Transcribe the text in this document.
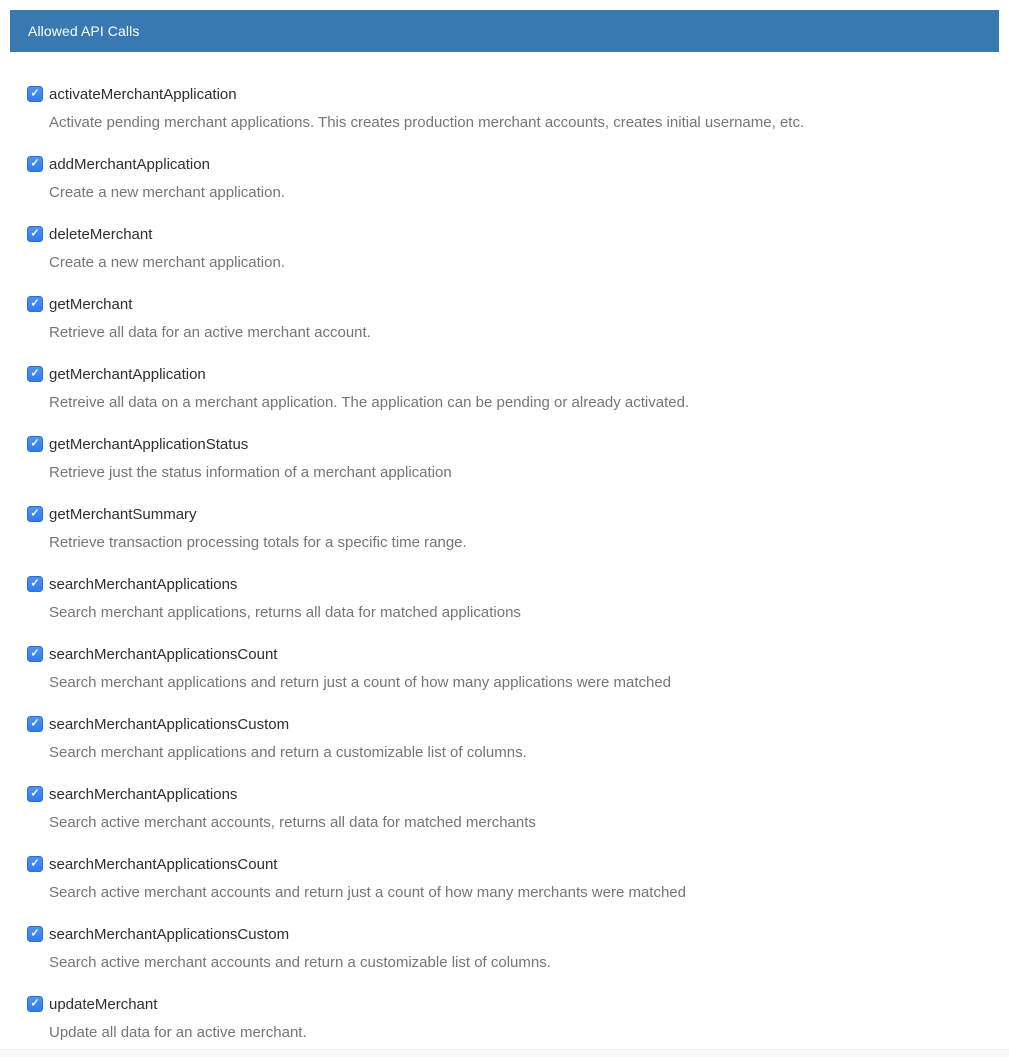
Allowed API Calls
✓ activateMerchantApplication
Activate pending merchant applications. This creates production merchant accounts, creates initial username, etc.
✓ addMerchantApplication
Create a new merchant application.
✓ deleteMerchant
Create a new merchant application.
✓ getMerchant
Retrieve all data for an active merchant account.
✓ getMerchantApplication
Retreive all data on a merchant application. The application can be pending or already activated.
✓ getMerchantApplicationStatus
Retrieve just the status information of a merchant application
✓ getMerchantSummary
Retrieve transaction processing totals for a specific time range.
✓ searchMerchantApplications
Search merchant applications, returns all data for matched applications
✓ searchMerchantApplicationsCount
Search merchant applications and return just a count of how many applications were matched
✓ searchMerchantApplicationsCustom
Search merchant applications and return a customizable list of columns.
✓ searchMerchantApplications
Search active merchant accounts, returns all data for matched merchants
✓ searchMerchantApplicationsCount
Search active merchant accounts and return just a count of how many merchants were matched
✓ searchMerchantApplicationsCustom
Search active merchant accounts and return a customizable list of columns.
✓ updateMerchant
Update all data for an active merchant.
